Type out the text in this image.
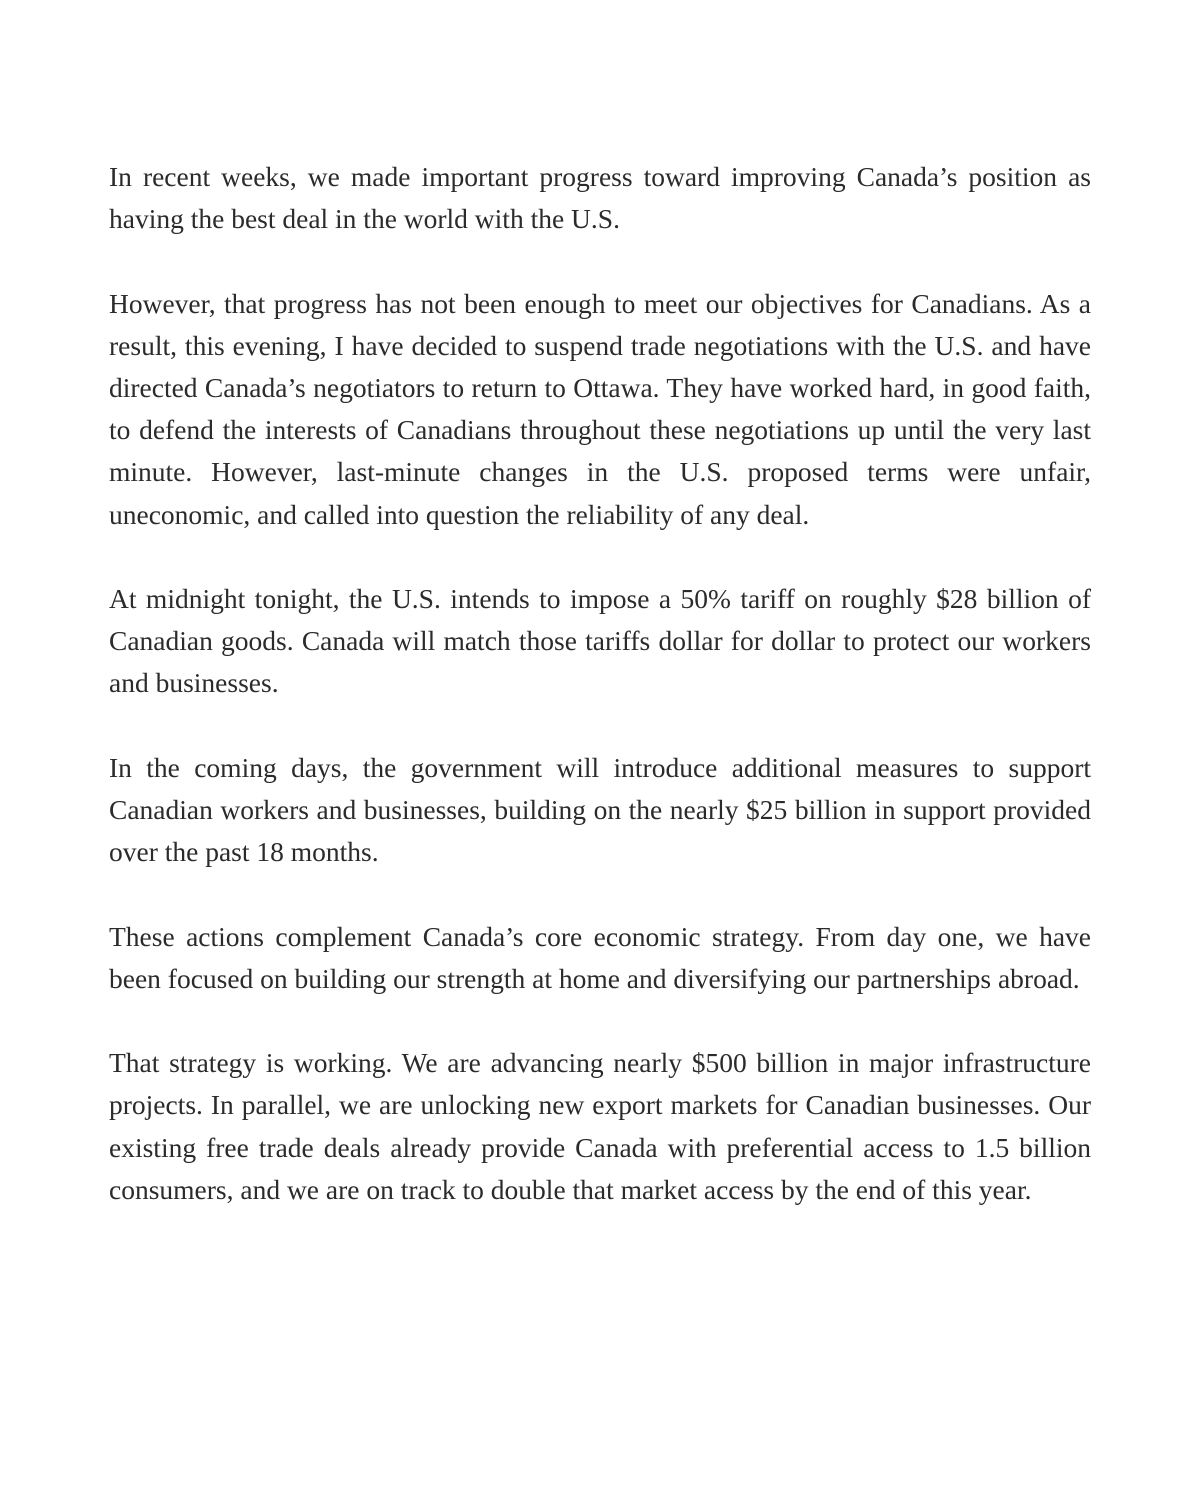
In recent weeks, we made important progress toward improving Canada’s position as having the best deal in the world with the U.S.

However, that progress has not been enough to meet our objectives for Canadians. As a result, this evening, I have decided to suspend trade negotiations with the U.S. and have directed Canada’s negotiators to return to Ottawa. They have worked hard, in good faith, to defend the interests of Canadians throughout these negotiations up until the very last minute. However, last-minute changes in the U.S. proposed terms were unfair, uneconomic, and called into question the reliability of any deal.

At midnight tonight, the U.S. intends to impose a 50% tariff on roughly $28 billion of Canadian goods. Canada will match those tariffs dollar for dollar to protect our workers and businesses.

In the coming days, the government will introduce additional measures to support Canadian workers and businesses, building on the nearly $25 billion in support provided over the past 18 months.

These actions complement Canada’s core economic strategy. From day one, we have been focused on building our strength at home and diversifying our partnerships abroad.

That strategy is working. We are advancing nearly $500 billion in major infrastructure projects. In parallel, we are unlocking new export markets for Canadian businesses. Our existing free trade deals already provide Canada with preferential access to 1.5 billion consumers, and we are on track to double that market access by the end of this year.
